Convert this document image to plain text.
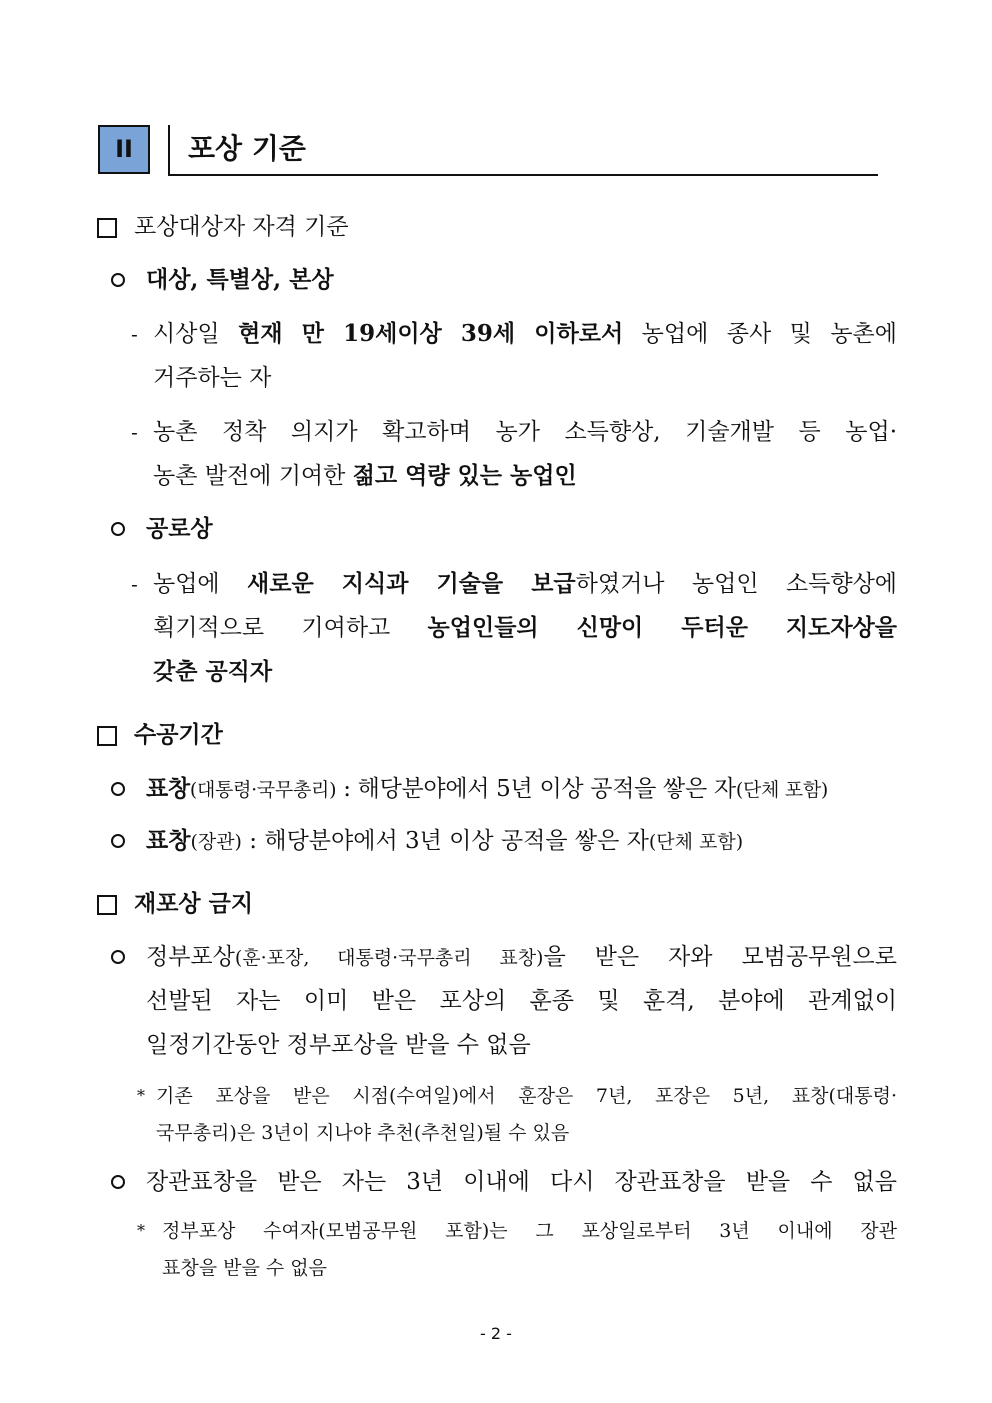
II	포상 기준
포상대상자 자격 기준
대상, 특별상, 본상
- 시상일 현재 만 19세이상 39세 이하로서 농업에 종사 및 농촌에
거주하는 자
- 농촌 정착 의지가 확고하며 농가 소득향상, 기술개발 등 농업·
농촌 발전에 기여한 젊고 역량 있는 농업인
공로상
- 농업에 새로운 지식과 기술을 보급하였거나 농업인 소득향상에
획기적으로 기여하고 농업인들의 신망이 두터운 지도자상을
갖춘 공직자
수공기간
표창(대통령·국무총리) : 해당분야에서 5년 이상 공적을 쌓은 자(단체 포함)
표창(장관) : 해당분야에서 3년 이상 공적을 쌓은 자(단체 포함)
재포상 금지
정부포상(훈·포장, 대통령·국무총리 표창)을 받은 자와 모범공무원으로
선발된 자는 이미 받은 포상의 훈종 및 훈격, 분야에 관계없이
일정기간동안 정부포상을 받을 수 없음
* 기존 포상을 받은 시점(수여일)에서 훈장은 7년, 포장은 5년, 표창(대통령·
국무총리)은 3년이 지나야 추천(추천일)될 수 있음
장관표창을 받은 자는 3년 이내에 다시 장관표창을 받을 수 없음
* 정부포상 수여자(모범공무원 포함)는 그 포상일로부터 3년 이내에 장관
표창을 받을 수 없음
- 2 -
